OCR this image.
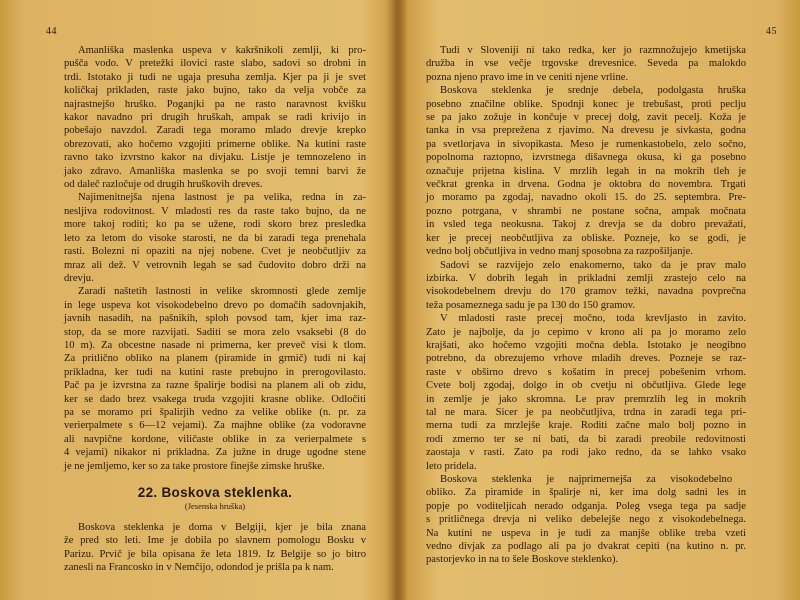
44
Amanliška maslenka uspeva v kakršnikoli zemlji, ki pro-
pušča vodo. V pretežki ilovici raste slabo, sadovi so drobni in
trdi. Istotako ji tudi ne ugaja presuha zemlja. Kjer pa ji je svet
količkaj prikladen, raste jako bujno, tako da velja vobče za
najrastnejšo hruško. Poganjki pa ne rasto naravnost kvišku
kakor navadno pri drugih hruškah, ampak se radi krivijo in
pobešajo navzdol. Zaradi tega moramo mlado drevje krepko
obrezovati, ako hočemo vzgojiti primerne oblike. Na kutini raste
ravno tako izvrstno kakor na divjaku. Listje je temnozeleno in
jako zdravo. Amanliška maslenka se po svoji temni barvi že
od daleč razločuje od drugih hruškovih dreves.
Najimenitnejša njena lastnost je pa velika, redna in za-
nesljiva rodovitnost. V mladosti res da raste tako bujno, da ne
more takoj roditi; ko pa se užene, rodi skoro brez presledka
leto za letom do visoke starosti, ne da bi zaradi tega prenehala
rasti. Bolezni ni opaziti na njej nobene. Cvet je neobčutljiv za
mraz ali dež. V vetrovnih legah se sad čudovito dobro drži na
drevju.
Zaradi naštetih lastnosti in velike skromnosti glede zemlje
in lege uspeva kot visokodebelno drevo po domačih sadovnjakih,
javnih nasadih, na pašnikih, sploh povsod tam, kjer ima raz-
stop, da se more razvijati. Saditi se mora zelo vsaksebi (8 do
10 m). Za obcestne nasade ni primerna, ker preveč visi k tlom.
Za pritlično obliko na planem (piramide in grmič) tudi ni kaj
prikladna, ker tudi na kutini raste prebujno in prerogovilasto.
Pač pa je izvrstna za razne špalirje bodisi na planem ali ob zidu,
ker se dado brez vsakega truda vzgojiti krasne oblike. Odločiti
pa se moramo pri špalirjih vedno za velike oblike (n. pr. za
verierpalmete s 6—12 vejami). Za majhne oblike (za vodoravne
ali navpične kordone, viličaste oblike in za verierpalmete s
4 vejami) nikakor ni prikladna. Za južne in druge ugodne stene
je ne jemljemo, ker so za take prostore finejše zimske hruške.
22. Boskova steklenka.
(Jesenska hruška)
Boskova steklenka je doma v Belgiji, kjer je bila znana
že pred sto leti. Ime je dobila po slavnem pomologu Bosku v
Parizu. Prvič je bila opisana že leta 1819. Iz Belgije so jo bitro
zanesli na Francosko in v Nemčijo, odondod je prišla pa k nam.
45
Tudi v Sloveniji ni tako redka, ker jo razmnožujejo kmetijska
družba in vse večje trgovske drevesnice. Seveda pa malokdo
pozna njeno pravo ime in ve ceniti njene vrline.
Boskova steklenka je srednje debela, podolgasta hruška
posebno značilne oblike. Spodnji konec je trebušast, proti peclju
se pa jako zožuje in končuje v precej dolg, zavit pecelj. Koža je
tanka in vsa prepreženа z rjavimo. Na drevesu je sivkasta, godna
pa svetlorjava in sivopikasta. Meso je rumenkastobelo, zelo sočno,
popolnoma raztopno, izvrstnega dišavnega okusa, ki ga posebno
označuje prijetna kislina. V mrzlih legah in na mokrih tleh je
večkrat grenka in drvena. Godna je oktobra do novembra. Trgati
jo moramo pa zgodaj, navadno okoli 15. do 25. septembra. Pre-
pozno potrgana, v shrambi ne postane sočna, ampak močnata
in vsled tega neokusna. Takoj z drevja se da dobro prevažati,
ker je precej neobčutljiva za obliske. Pozneje, ko se godi, je
vedno bolj občutljiva in vedno manj sposobna za razpošiljanje.
Sadovi se razvijejo zelo enakomerno, tako da je prav malo
izbirka. V dobrih legah in prikladni zemlji zrastejo celo na
visokodebelnem drevju do 170 gramov težki, navadna povprečna
teža posameznega sadu je pa 130 do 150 gramov.
V mladosti raste precej močno, toda krevljasto in zavito.
Zato je najbolje, da jo cepimo v krono ali pa jo moramo zelo
krajšati, ako hočemo vzgojiti močna debla. Istotako je neogibno
potrebno, da obrezujemo vrhove mladih dreves. Pozneje se raz-
raste v obširno drevo s košatim in precej pobešenim vrhom.
Cvete bolj zgodaj, dolgo in ob cvetju ni občutljiva. Glede lege
in zemlje je jako skromna. Le prav premrzlih leg in mokrih
tal ne mara. Sicer je pa neobčutljiva, trdna in zaradi tega pri-
merna tudi za mrzlejše kraje. Roditi začne malo bolj pozno in
rodi zmerno ter se ni bati, da bi zaradi preobile redovitnosti
zaostaja v rasti. Zato pa rodi jako redno, da se lahko vsako
leto pridela.
Boskova steklenka je najprimernejša za visokodebelno
obliko. Za piramide in špalirje ni, ker ima dolg sadni les in
popje po voditeljicah nerado odganja. Poleg vsega tega pa sadje
s pritličnega drevja ni veliko debelejše nego z visokodebelnega.
Na kutini ne uspeva in je tudi za manjše oblike treba vzeti
vedno divjak za podlago ali pa jo dvakrat cepiti (na kutino n. pr.
pastorjevko in na to šele Boskove steklenko).
